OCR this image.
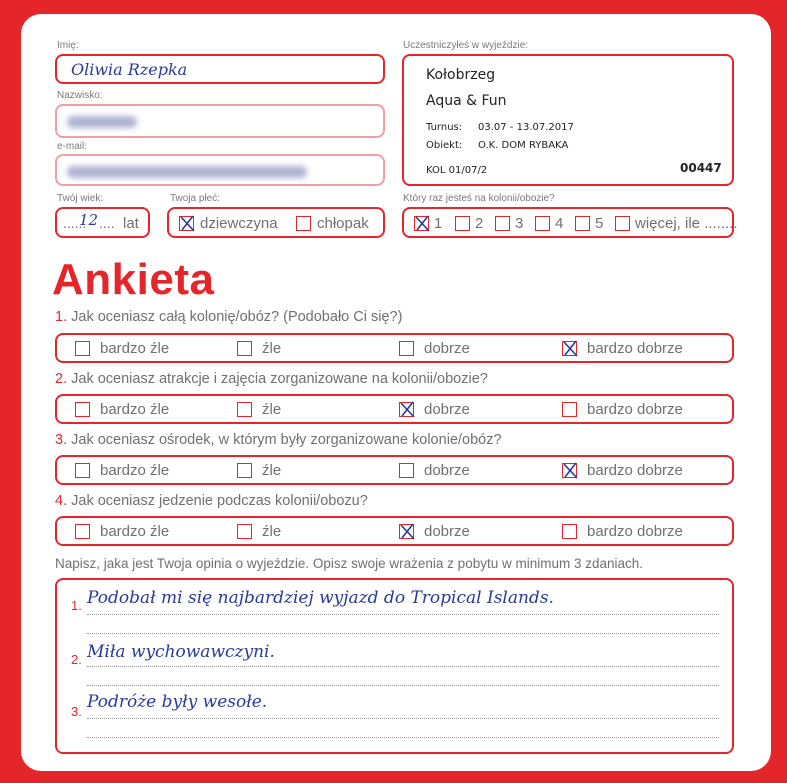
Imię:
Oliwia Rzepka
Nazwisko:
e-mail:
Twój wiek:
......
12 .... lat
Twoja płeć:
dziewczyna	chłopak
Uczestniczyłeś w wyjeździe:
Kołobrzeg
Aqua & Fun
Turnus: 03.07 - 13.07.2017
Obiekt: O.K. DOM RYBAKA
KOL 01/07/2	00447
Który raz jesteś na kolonii/obozie?
1 2 3 4 5 więcej, ile ........
Ankieta
1. Jak oceniasz całą kolonię/obóz? (Podobało Ci się?)
bardzo źle	źle	dobrze	bardzo dobrze
2. Jak oceniasz atrakcje i zajęcia zorganizowane na kolonii/obozie?
bardzo źle	źle	dobrze	bardzo dobrze
3. Jak oceniasz ośrodek, w którym były zorganizowane kolonie/obóz?
bardzo źle	źle	dobrze	bardzo dobrze
4. Jak oceniasz jedzenie podczas kolonii/obozu?
bardzo źle	źle	dobrze	bardzo dobrze
Napisz, jaka jest Twoja opinia o wyjeździe. Opisz swoje wrażenia z pobytu w minimum 3 zdaniach.
1. Podobał mi się najbardziej wyjazd do Tropical Islands.
2. Miła wychowawczyni.
3. Podróże były wesołe.
